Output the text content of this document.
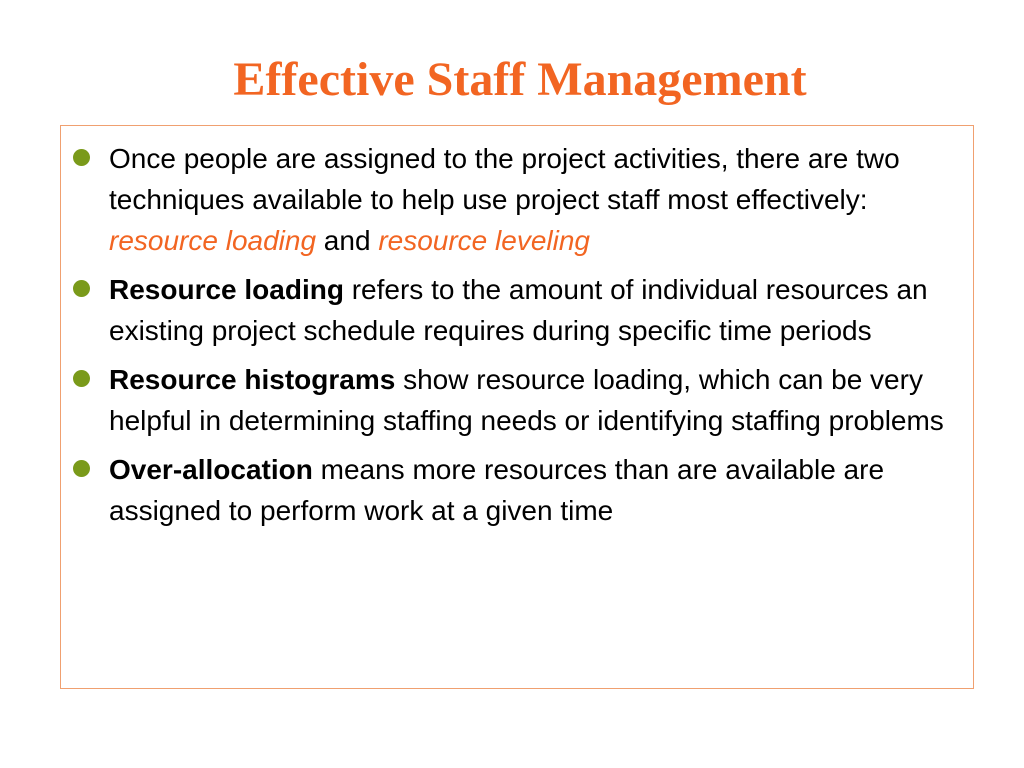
Effective Staff Management
Once people are assigned to the project activities, there are two techniques available to help use project staff most effectively: resource loading and resource leveling
Resource loading refers to the amount of individual resources an existing project schedule requires during specific time periods
Resource histograms show resource loading, which can be very helpful in determining staffing needs or identifying staffing problems
Over-allocation means more resources than are available are assigned to perform work at a given time
